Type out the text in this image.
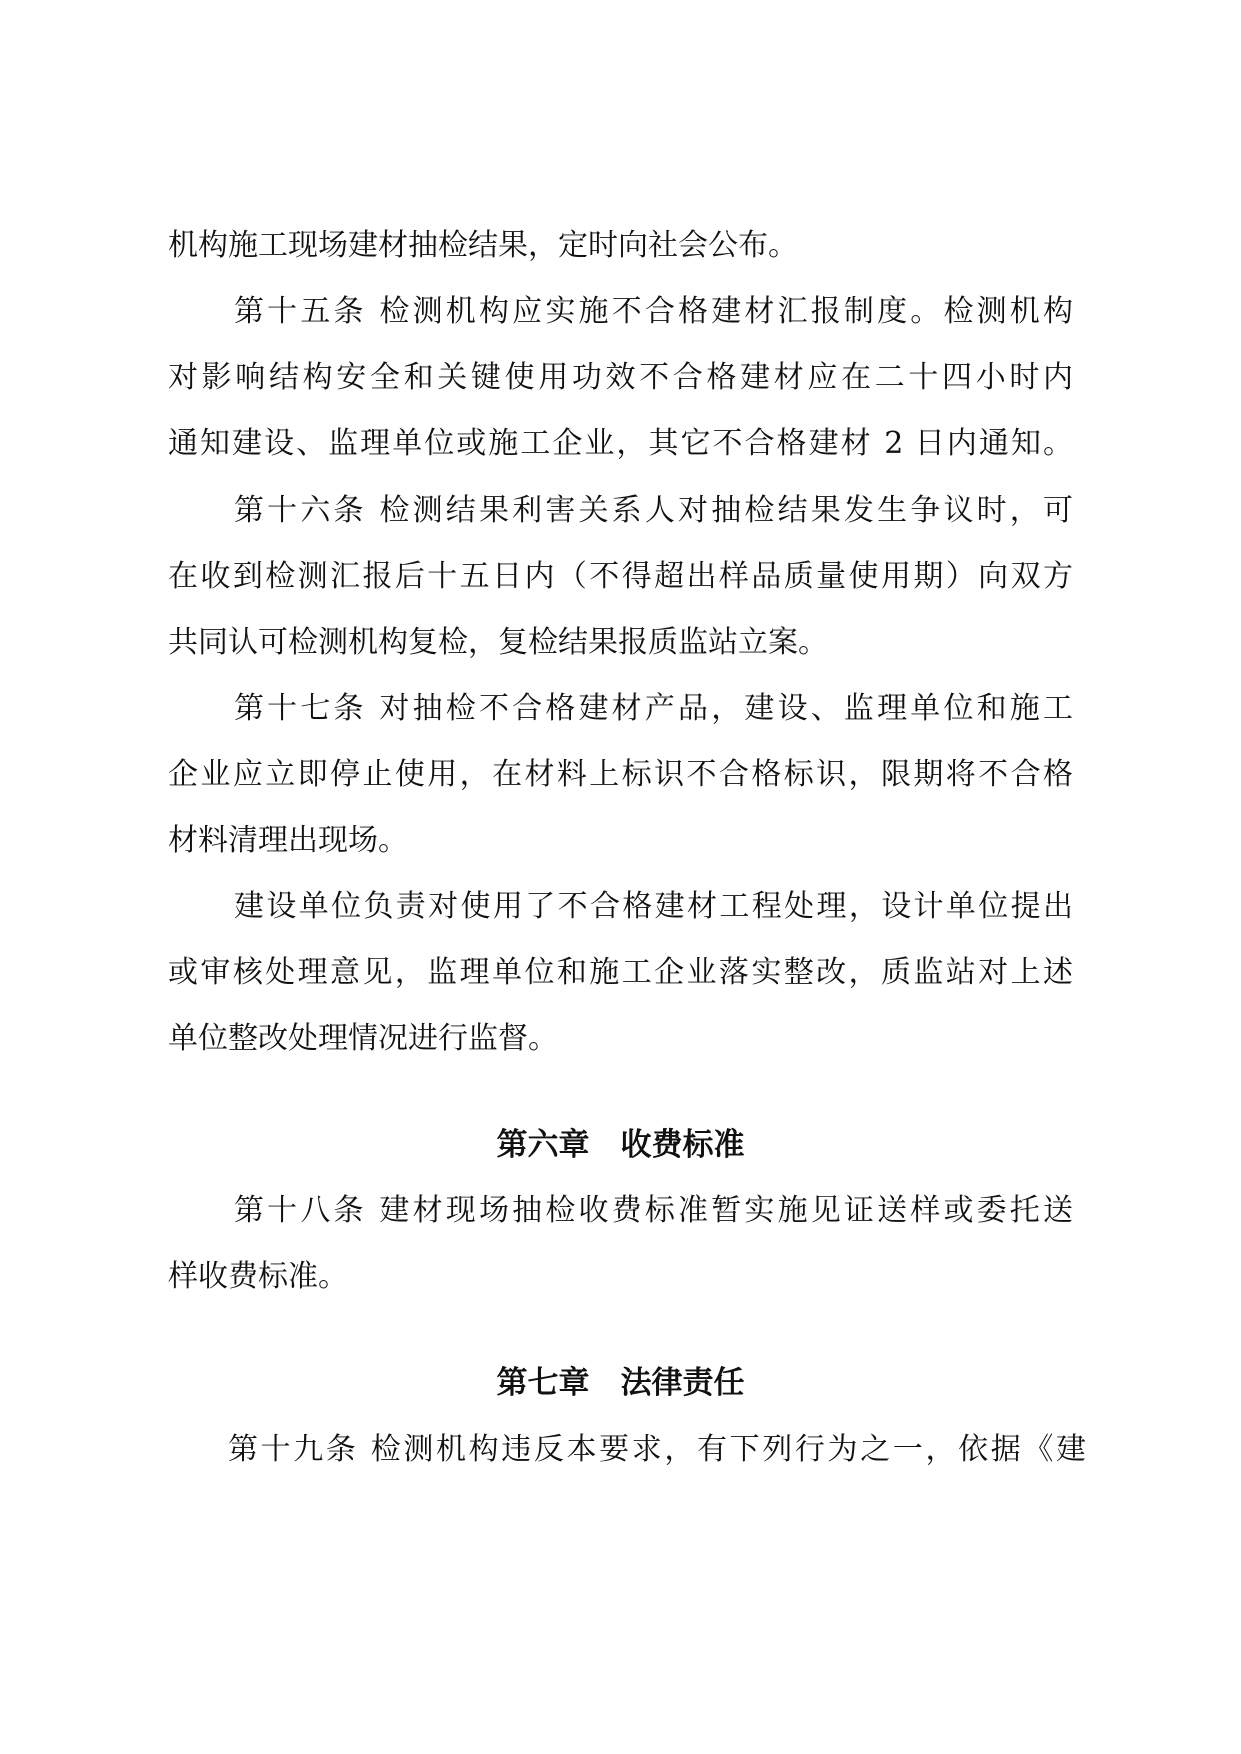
机构施工现场建材抽检结果，定时向社会公布。
第十五条 检测机构应实施不合格建材汇报制度。检测机构
对影响结构安全和关键使用功效不合格建材应在二十四小时内
通知建设、监理单位或施工企业，其它不合格建材 2 日内通知。
第十六条 检测结果利害关系人对抽检结果发生争议时，可
在收到检测汇报后十五日内（不得超出样品质量使用期）向双方
共同认可检测机构复检，复检结果报质监站立案。
第十七条 对抽检不合格建材产品，建设、监理单位和施工
企业应立即停止使用，在材料上标识不合格标识，限期将不合格
材料清理出现场。
建设单位负责对使用了不合格建材工程处理，设计单位提出
或审核处理意见，监理单位和施工企业落实整改，质监站对上述
单位整改处理情况进行监督。
第六章　收费标准
第十八条 建材现场抽检收费标准暂实施见证送样或委托送
样收费标准。
第七章　法律责任
第十九条 检测机构违反本要求，有下列行为之一，依据《建
